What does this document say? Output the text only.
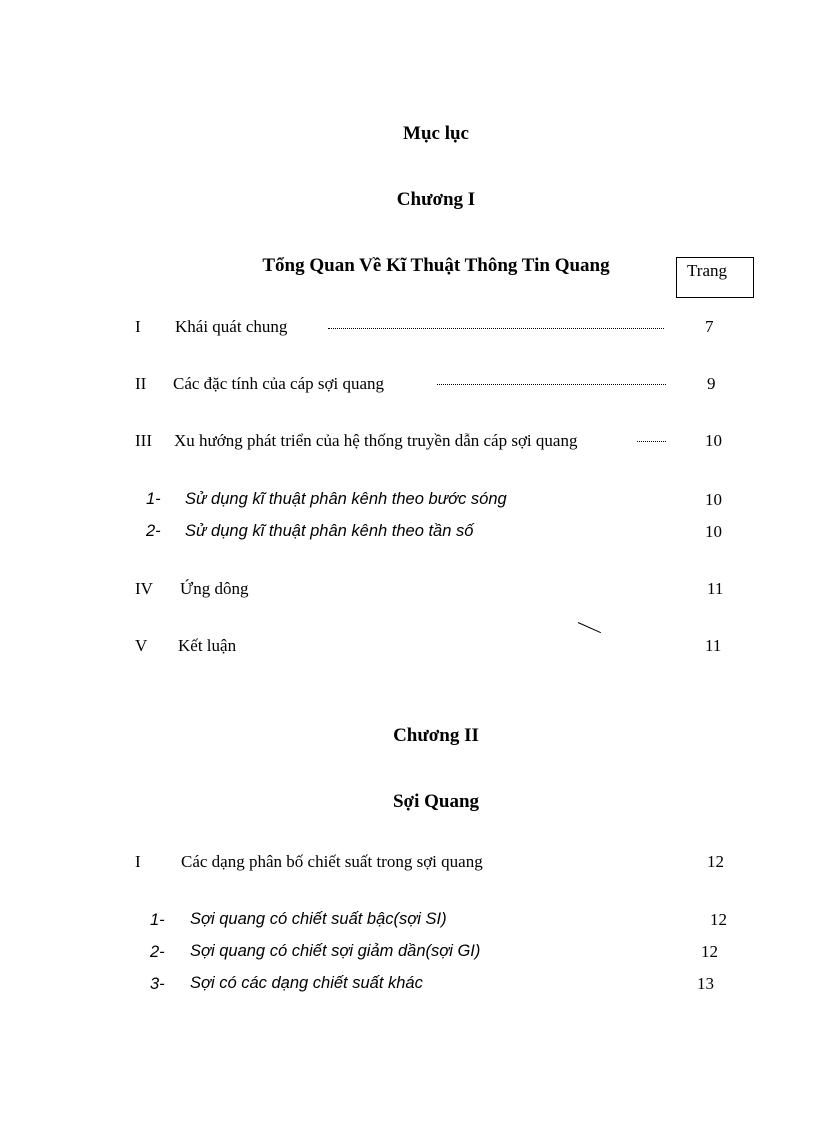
Mục lục
Chương I
Tổng Quan Về Kĩ Thuật Thông Tin Quang	Trang
I Khái quát chung	7
II Các đặc tính của cáp sợi quang	9
III Xu hướng phát triển của hệ thống truyền dẫn cáp sợi quang	10
1- Sử dụng kĩ thuật phân kênh theo bước sóng	10
2- Sử dụng kĩ thuật phân kênh theo tần số	10
IV Ứng dông	11
V Kết luận	11
Chương II
Sợi Quang
I Các dạng phân bố chiết suất trong sợi quang	12
1- Sợi quang có chiết suất bậc(sợi SI)	12
2- Sợi quang có chiết sợi giảm dần(sợi GI)	12
3- Sợi có các dạng chiết suất khác	13
